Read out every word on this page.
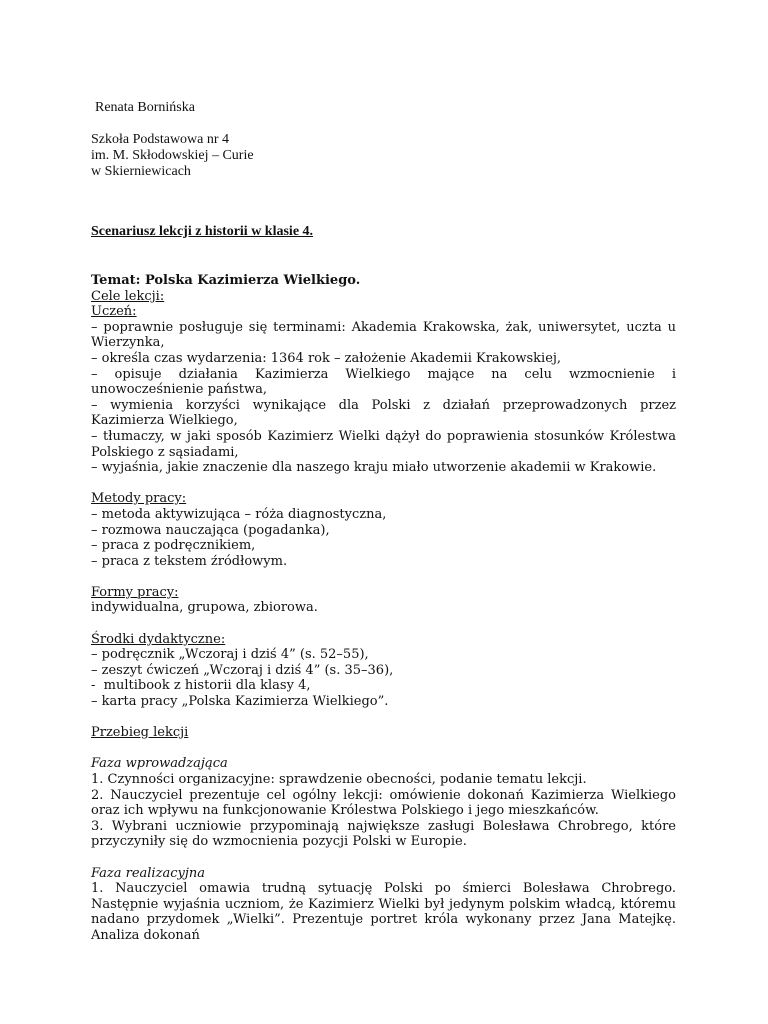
Renata Bornińska
Szkoła Podstawowa nr 4
im. M. Skłodowskiej – Curie
w Skierniewicach
Scenariusz lekcji z historii w klasie 4.
Temat: Polska Kazimierza Wielkiego.
Cele lekcji:
Uczeń:
– poprawnie posługuje się terminami: Akademia Krakowska, żak, uniwersytet, uczta u Wierzynka,
– określa czas wydarzenia: 1364 rok – założenie Akademii Krakowskiej,
– opisuje działania Kazimierza Wielkiego mające na celu wzmocnienie i unowocześnienie państwa,
– wymienia korzyści wynikające dla Polski z działań przeprowadzonych przez Kazimierza Wielkiego,
– tłumaczy, w jaki sposób Kazimierz Wielki dążył do poprawienia stosunków Królestwa Polskiego z sąsiadami,
– wyjaśnia, jakie znaczenie dla naszego kraju miało utworzenie akademii w Krakowie.
Metody pracy:
– metoda aktywizująca – róża diagnostyczna,
– rozmowa nauczająca (pogadanka),
– praca z podręcznikiem,
– praca z tekstem źródłowym.
Formy pracy:
indywidualna, grupowa, zbiorowa.
Środki dydaktyczne:
– podręcznik „Wczoraj i dziś 4” (s. 52–55),
– zeszyt ćwiczeń „Wczoraj i dziś 4” (s. 35–36),
-  multibook z historii dla klasy 4,
– karta pracy „Polska Kazimierza Wielkiego”.
Przebieg lekcji
Faza wprowadzająca
1. Czynności organizacyjne: sprawdzenie obecności, podanie tematu lekcji.
2. Nauczyciel prezentuje cel ogólny lekcji: omówienie dokonań Kazimierza Wielkiego oraz ich wpływu na funkcjonowanie Królestwa Polskiego i jego mieszkańców.
3. Wybrani uczniowie przypominają największe zasługi Bolesława Chrobrego, które przyczyniły się do wzmocnienia pozycji Polski w Europie.
Faza realizacyjna
1. Nauczyciel omawia trudną sytuację Polski po śmierci Bolesława Chrobrego. Następnie wyjaśnia uczniom, że Kazimierz Wielki był jedynym polskim władcą, któremu nadano przydomek „Wielki”. Prezentuje portret króla wykonany przez Jana Matejkę. Analiza dokonań
